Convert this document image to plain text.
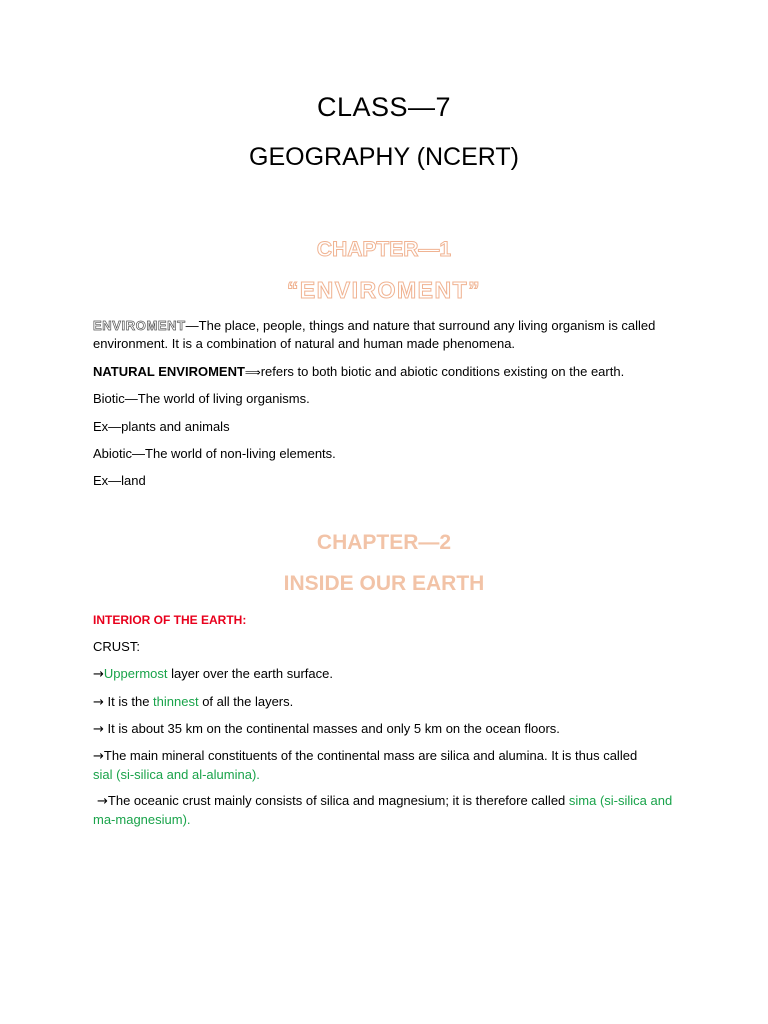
CLASS—7
GEOGRAPHY (NCERT)
CHAPTER—1
“ENVIROMENT”
ENVIROMENT—The place, people, things and nature that surround any living organism is called environment. It is a combination of natural and human made phenomena.
NATURAL ENVIROMENT⟹refers to both biotic and abiotic conditions existing on the earth.
Biotic—The world of living organisms.
Ex—plants and animals
Abiotic—The world of non-living elements.
Ex—land
CHAPTER—2
INSIDE OUR EARTH
INTERIOR OF THE EARTH:
CRUST:
→Uppermost layer over the earth surface.
→ It is the thinnest of all the layers.
→ It is about 35 km on the continental masses and only 5 km on the ocean floors.
→The main mineral constituents of the continental mass are silica and alumina. It is thus called sial (si-silica and al-alumina).
→The oceanic crust mainly consists of silica and magnesium; it is therefore called sima (si-silica and ma-magnesium).
